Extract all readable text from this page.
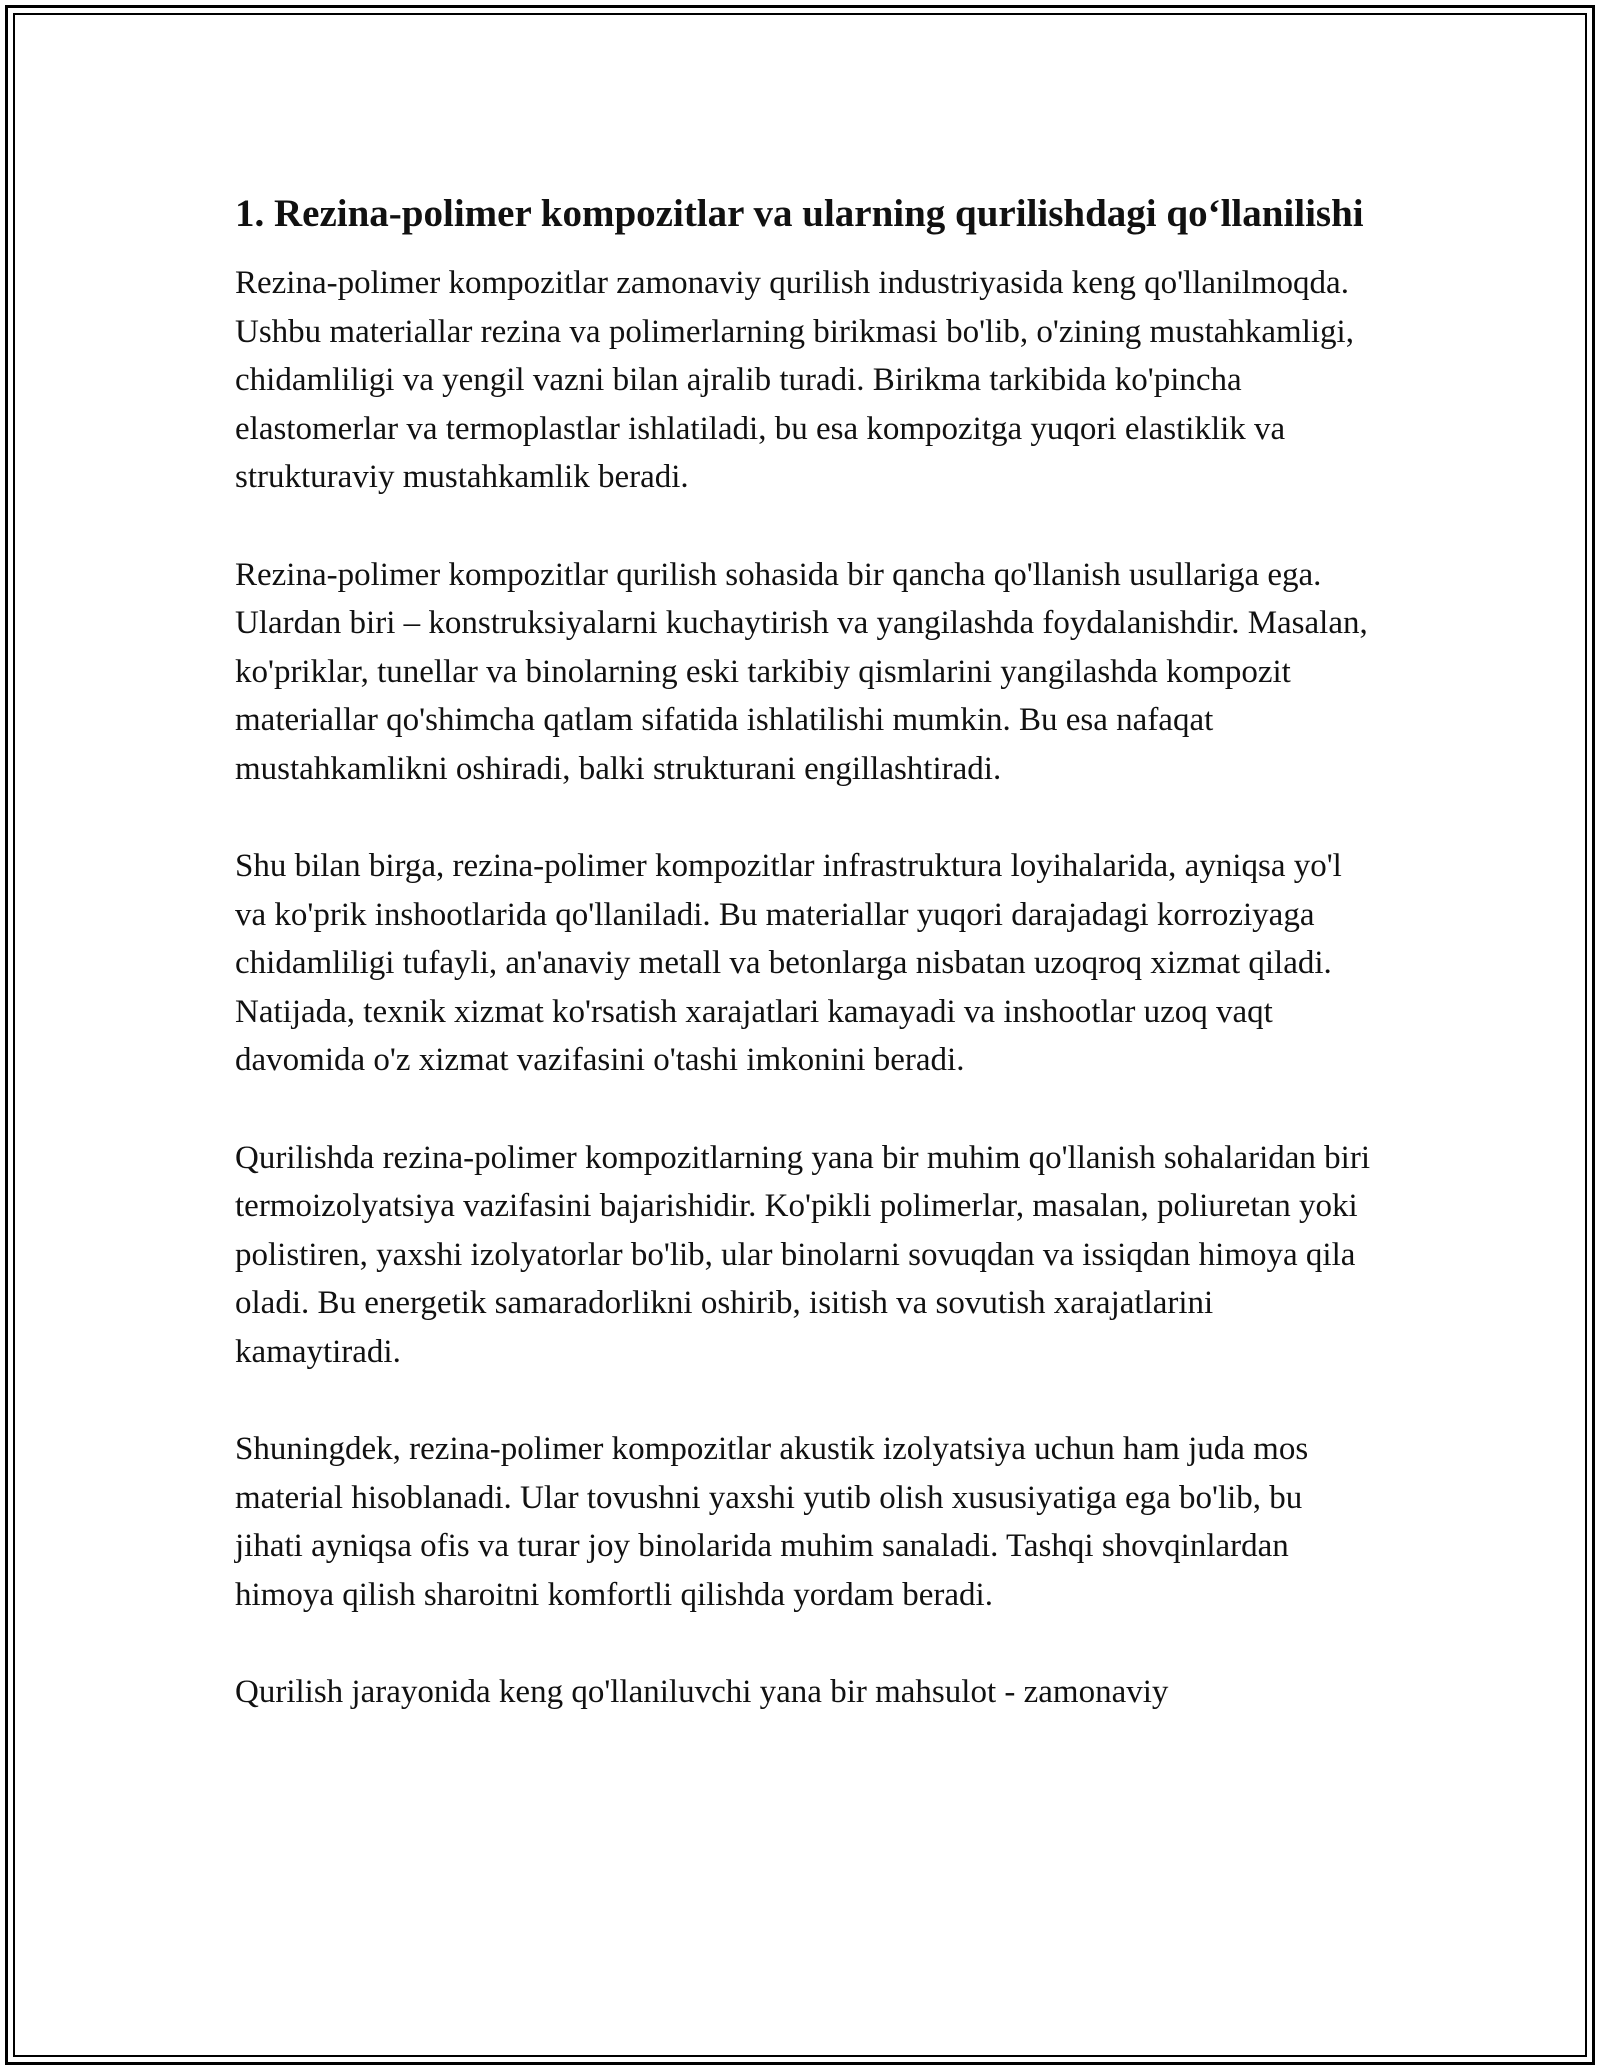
1. Rezina-polimer kompozitlar va ularning qurilishdagi qo‘llanilishi

Rezina-polimer kompozitlar zamonaviy qurilish industriyasida keng qo'llanilmoqda. Ushbu materiallar rezina va polimerlarning birikmasi bo'lib, o'zining mustahkamligi, chidamliligi va yengil vazni bilan ajralib turadi. Birikma tarkibida ko'pincha elastomerlar va termoplastlar ishlatiladi, bu esa kompozitga yuqori elastiklik va strukturaviy mustahkamlik beradi.

Rezina-polimer kompozitlar qurilish sohasida bir qancha qo'llanish usullariga ega. Ulardan biri – konstruksiyalarni kuchaytirish va yangilashda foydalanishdir. Masalan, ko'priklar, tunellar va binolarning eski tarkibiy qismlarini yangilashda kompozit materiallar qo'shimcha qatlam sifatida ishlatilishi mumkin. Bu esa nafaqat mustahkamlikni oshiradi, balki strukturani engillashtiradi.

Shu bilan birga, rezina-polimer kompozitlar infrastruktura loyihalarida, ayniqsa yo'l va ko'prik inshootlarida qo'llaniladi. Bu materiallar yuqori darajadagi korroziyaga chidamliligi tufayli, an'anaviy metall va betonlarga nisbatan uzoqroq xizmat qiladi. Natijada, texnik xizmat ko'rsatish xarajatlari kamayadi va inshootlar uzoq vaqt davomida o'z xizmat vazifasini o'tashi imkonini beradi.

Qurilishda rezina-polimer kompozitlarning yana bir muhim qo'llanish sohalaridan biri termoizolyatsiya vazifasini bajarishidir. Ko'pikli polimerlar, masalan, poliuretan yoki polistiren, yaxshi izolyatorlar bo'lib, ular binolarni sovuqdan va issiqdan himoya qila oladi. Bu energetik samaradorlikni oshirib, isitish va sovutish xarajatlarini kamaytiradi.

Shuningdek, rezina-polimer kompozitlar akustik izolyatsiya uchun ham juda mos material hisoblanadi. Ular tovushni yaxshi yutib olish xususiyatiga ega bo'lib, bu jihati ayniqsa ofis va turar joy binolarida muhim sanaladi. Tashqi shovqinlardan himoya qilish sharoitni komfortli qilishda yordam beradi.

Qurilish jarayonida keng qo'llaniluvchi yana bir mahsulot - zamonaviy
